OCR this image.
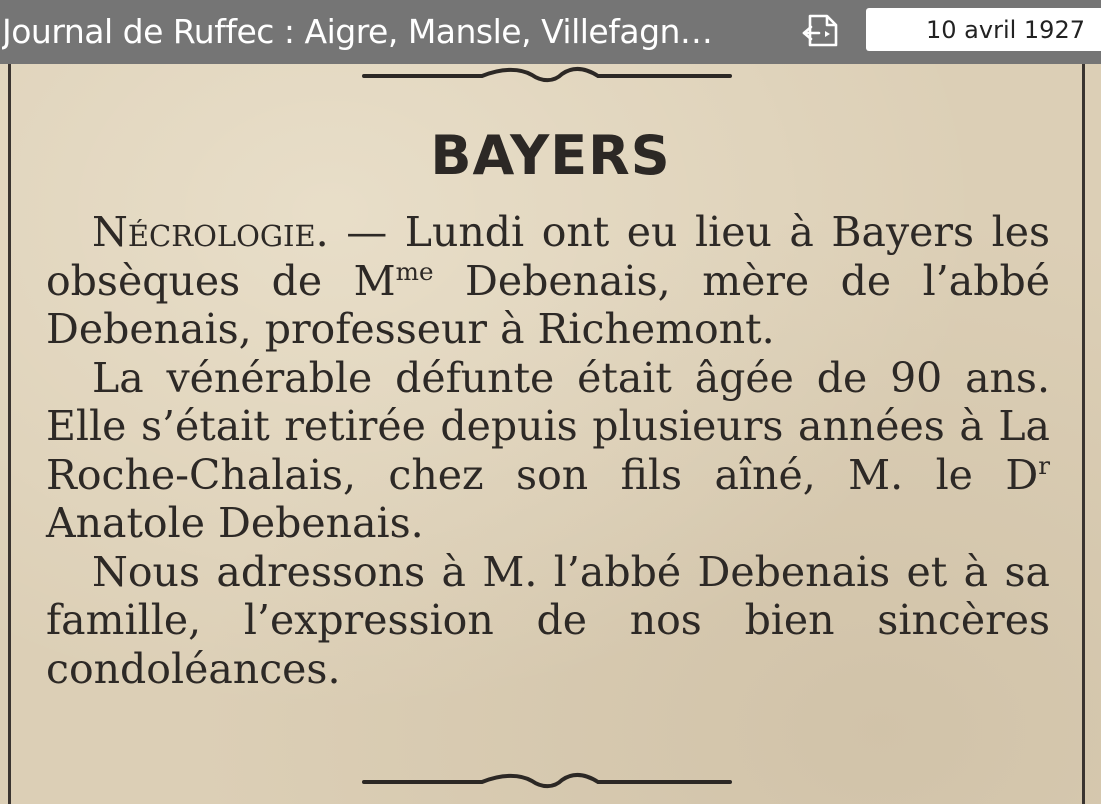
Journal de Ruffec : Aigre, Mansle, Villefagn…	10 avril 1927
BAYERS

Nécrologie. — Lundi ont eu lieu à Bayers les obsèques de $M^{me}$ Debenais, mère de l’abbé Debenais, professeur à Richemont.

La vénérable défunte était âgée de 90 ans. Elle s’était retirée depuis plusieurs années à La Roche-Chalais, chez son fils aîné, M. le $D^r$ Anatole Debenais.

Nous adressons à M. l’abbé Debenais et à sa famille, l’expression de nos bien sincères condoléances.
